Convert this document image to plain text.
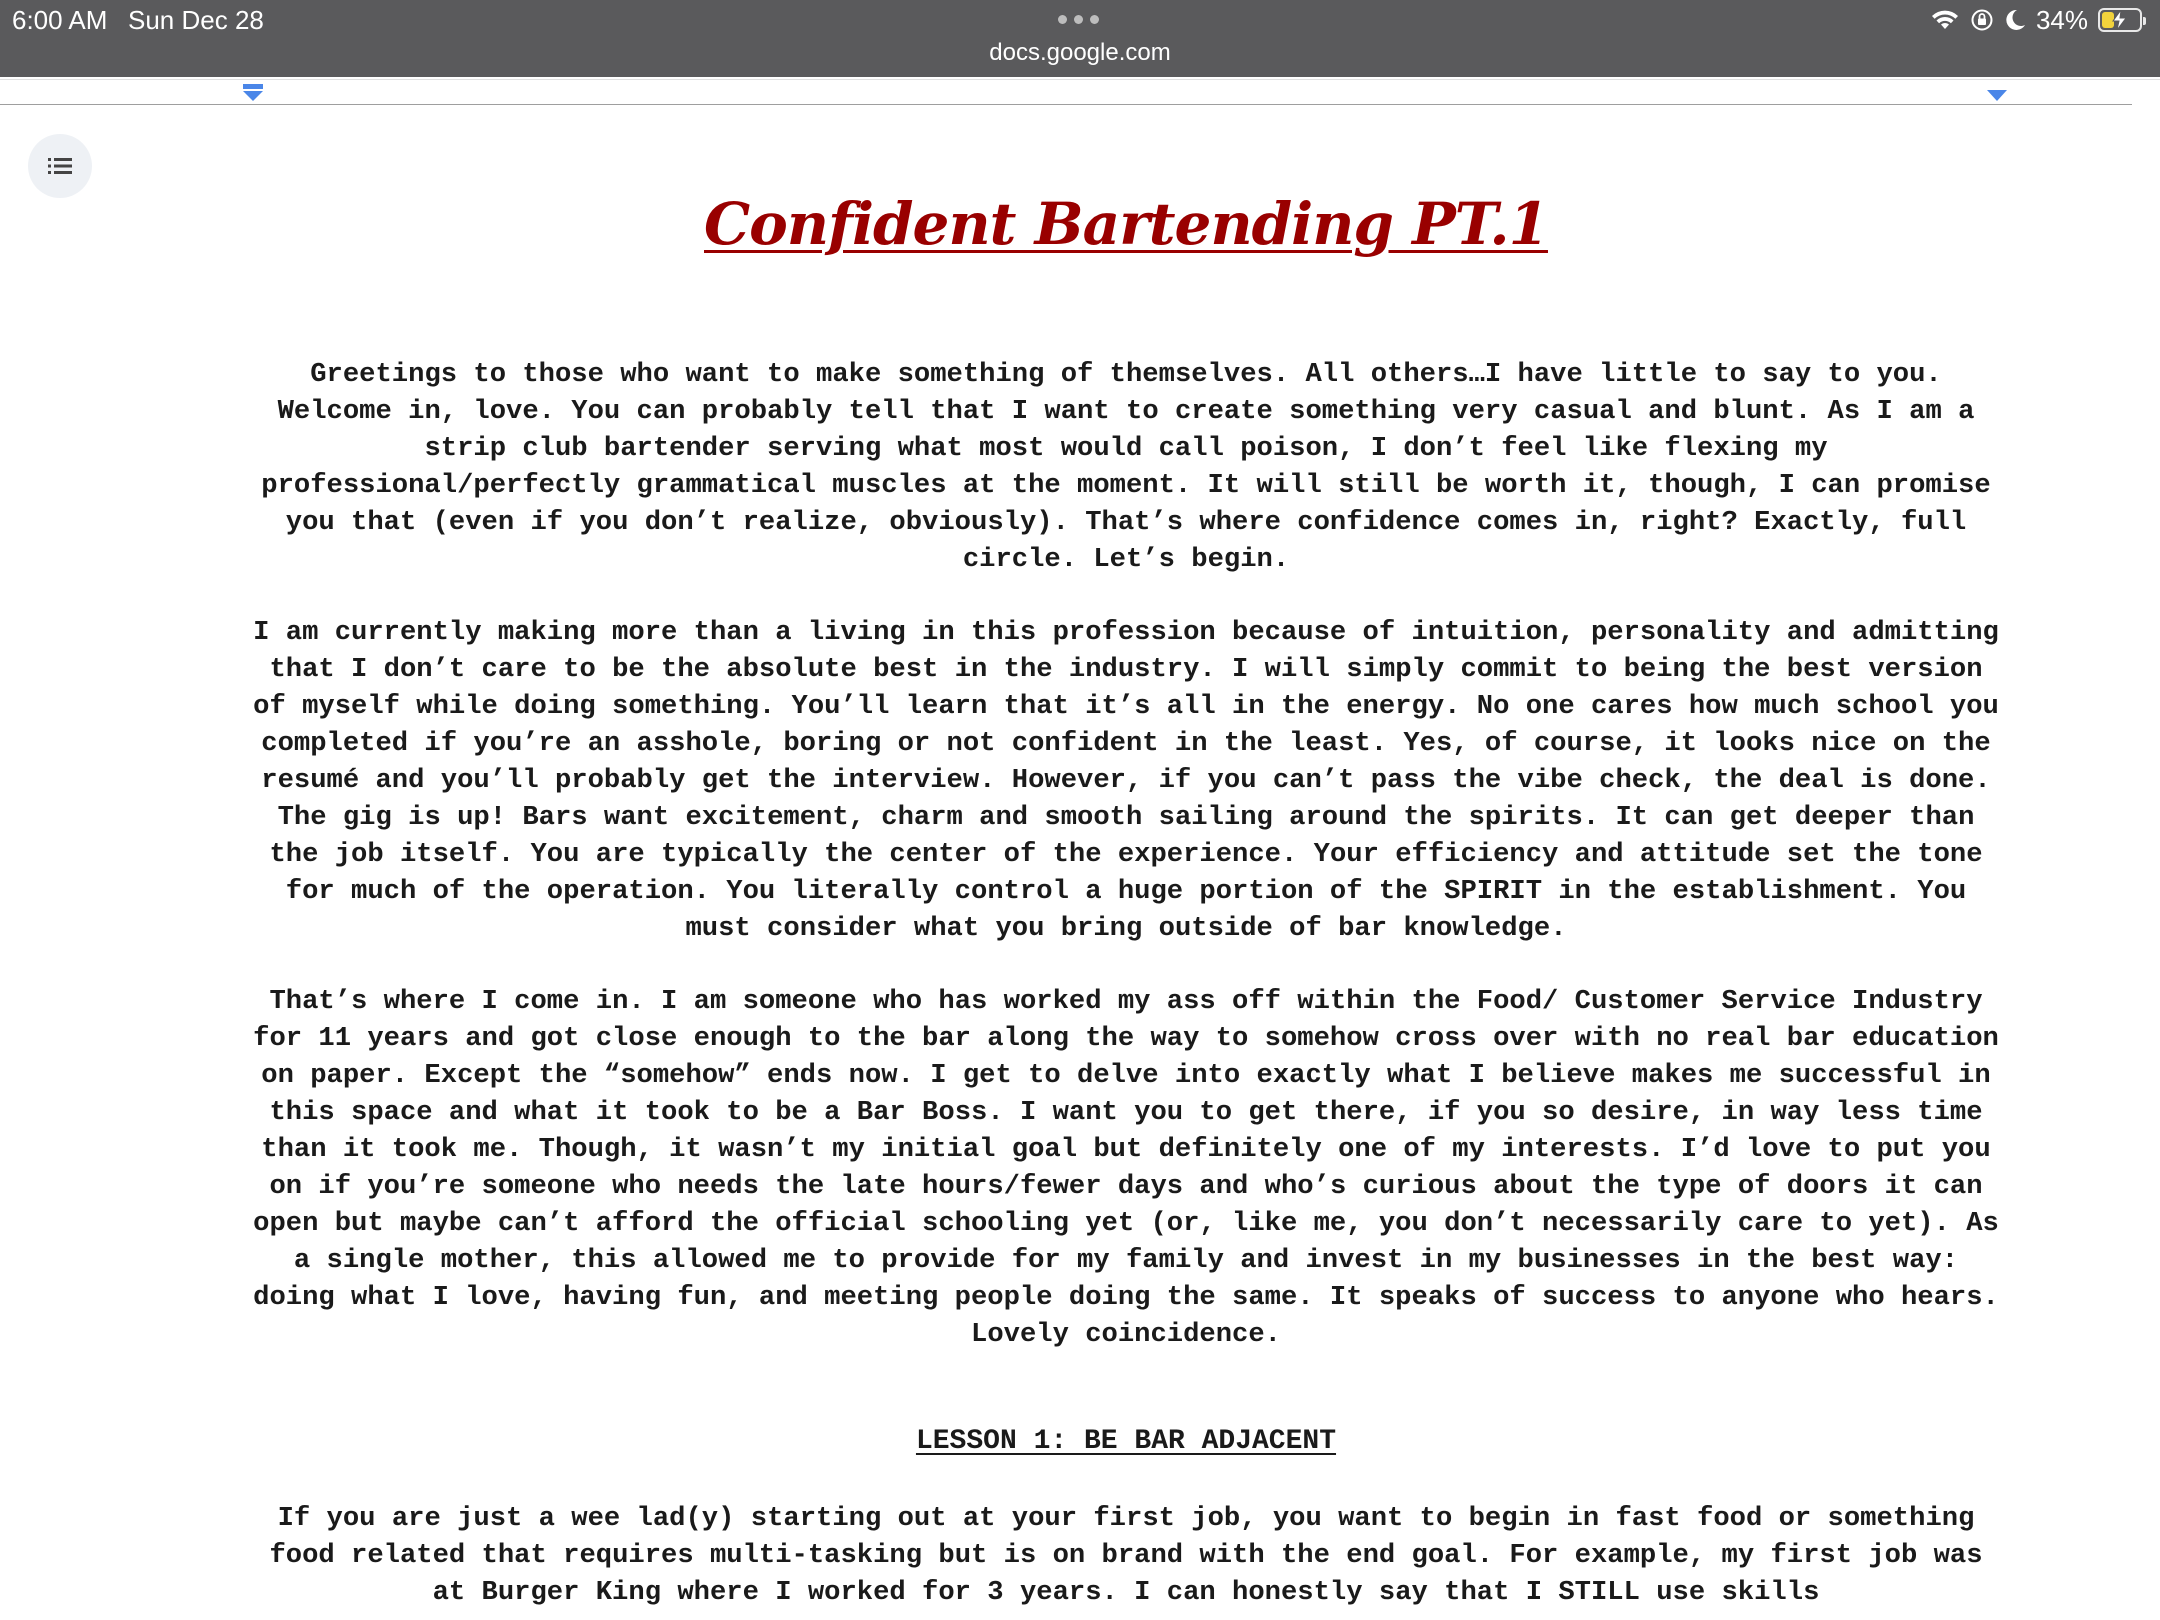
6:00 AM Sun Dec 28
docs.google.com
34%
Confident Bartending PT.1

Greetings to those who want to make something of themselves. All others…I have little to say to you. Welcome in, love. You can probably tell that I want to create something very casual and blunt. As I am a strip club bartender serving what most would call poison, I don’t feel like flexing my professional/perfectly grammatical muscles at the moment. It will still be worth it, though, I can promise you that (even if you don’t realize, obviously). That’s where confidence comes in, right? Exactly, full circle. Let’s begin.

I am currently making more than a living in this profession because of intuition, personality and admitting that I don’t care to be the absolute best in the industry. I will simply commit to being the best version of myself while doing something. You’ll learn that it’s all in the energy. No one cares how much school you completed if you’re an asshole, boring or not confident in the least. Yes, of course, it looks nice on the resumé and you’ll probably get the interview. However, if you can’t pass the vibe check, the deal is done. The gig is up! Bars want excitement, charm and smooth sailing around the spirits. It can get deeper than the job itself. You are typically the center of the experience. Your efficiency and attitude set the tone for much of the operation. You literally control a huge portion of the SPIRIT in the establishment. You must consider what you bring outside of bar knowledge.

That’s where I come in. I am someone who has worked my ass off within the Food/ Customer Service Industry for 11 years and got close enough to the bar along the way to somehow cross over with no real bar education on paper. Except the “somehow” ends now. I get to delve into exactly what I believe makes me successful in this space and what it took to be a Bar Boss. I want you to get there, if you so desire, in way less time than it took me. Though, it wasn’t my initial goal but definitely one of my interests. I’d love to put you on if you’re someone who needs the late hours/fewer days and who’s curious about the type of doors it can open but maybe can’t afford the official schooling yet (or, like me, you don’t necessarily care to yet). As a single mother, this allowed me to provide for my family and invest in my businesses in the best way: doing what I love, having fun, and meeting people doing the same. It speaks of success to anyone who hears. Lovely coincidence.

LESSON 1: BE BAR ADJACENT

If you are just a wee lad(y) starting out at your first job, you want to begin in fast food or something food related that requires multi-tasking but is on brand with the end goal. For example, my first job was at Burger King where I worked for 3 years. I can honestly say that I STILL use skills
